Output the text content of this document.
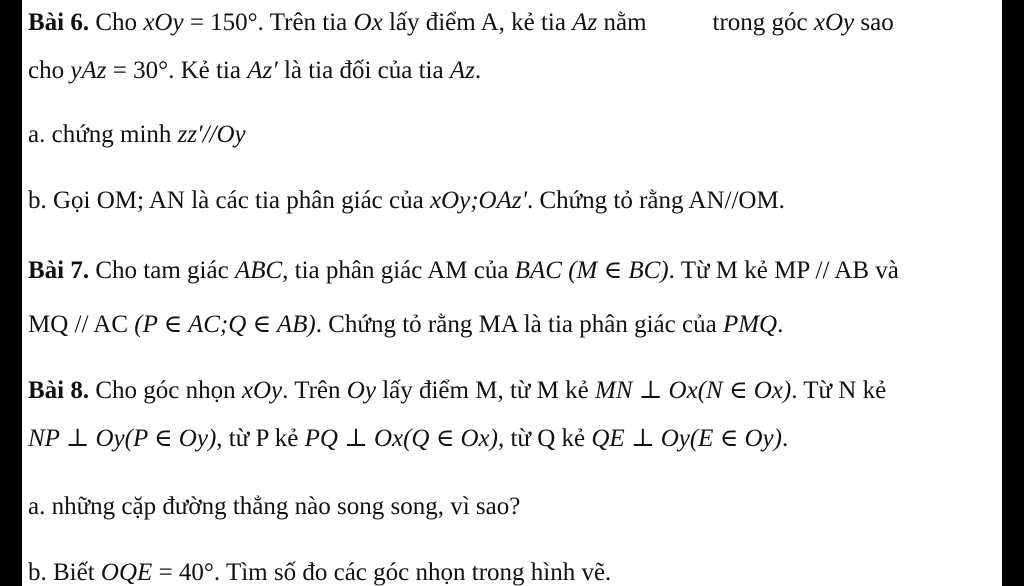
Bài 6. Cho xOy = 150°. Trên tia Ox lấy điểm A, kẻ tia Az nằm	trong góc xOy sao
cho yAz = 30°. Kẻ tia Az′ là tia đối của tia Az.
a. chứng minh zz′//Oy
b. Gọi OM; AN là các tia phân giác của xOy;OAz'. Chứng tỏ rằng AN//OM.
Bài 7. Cho tam giác ABC, tia phân giác AM của BAC (M ∈ BC). Từ M kẻ MP // AB và
MQ // AC (P ∈ AC;Q ∈ AB). Chứng tỏ rằng MA là tia phân giác của PMQ.
Bài 8. Cho góc nhọn xOy. Trên Oy lấy điểm M, từ M kẻ MN ⊥ Ox(N ∈ Ox). Từ N kẻ
NP ⊥ Oy(P ∈ Oy), từ P kẻ PQ ⊥ Ox(Q ∈ Ox), từ Q kẻ QE ⊥ Oy(E ∈ Oy).
a. những cặp đường thẳng nào song song, vì sao?
b. Biết OQE = 40°. Tìm số đo các góc nhọn trong hình vẽ.
